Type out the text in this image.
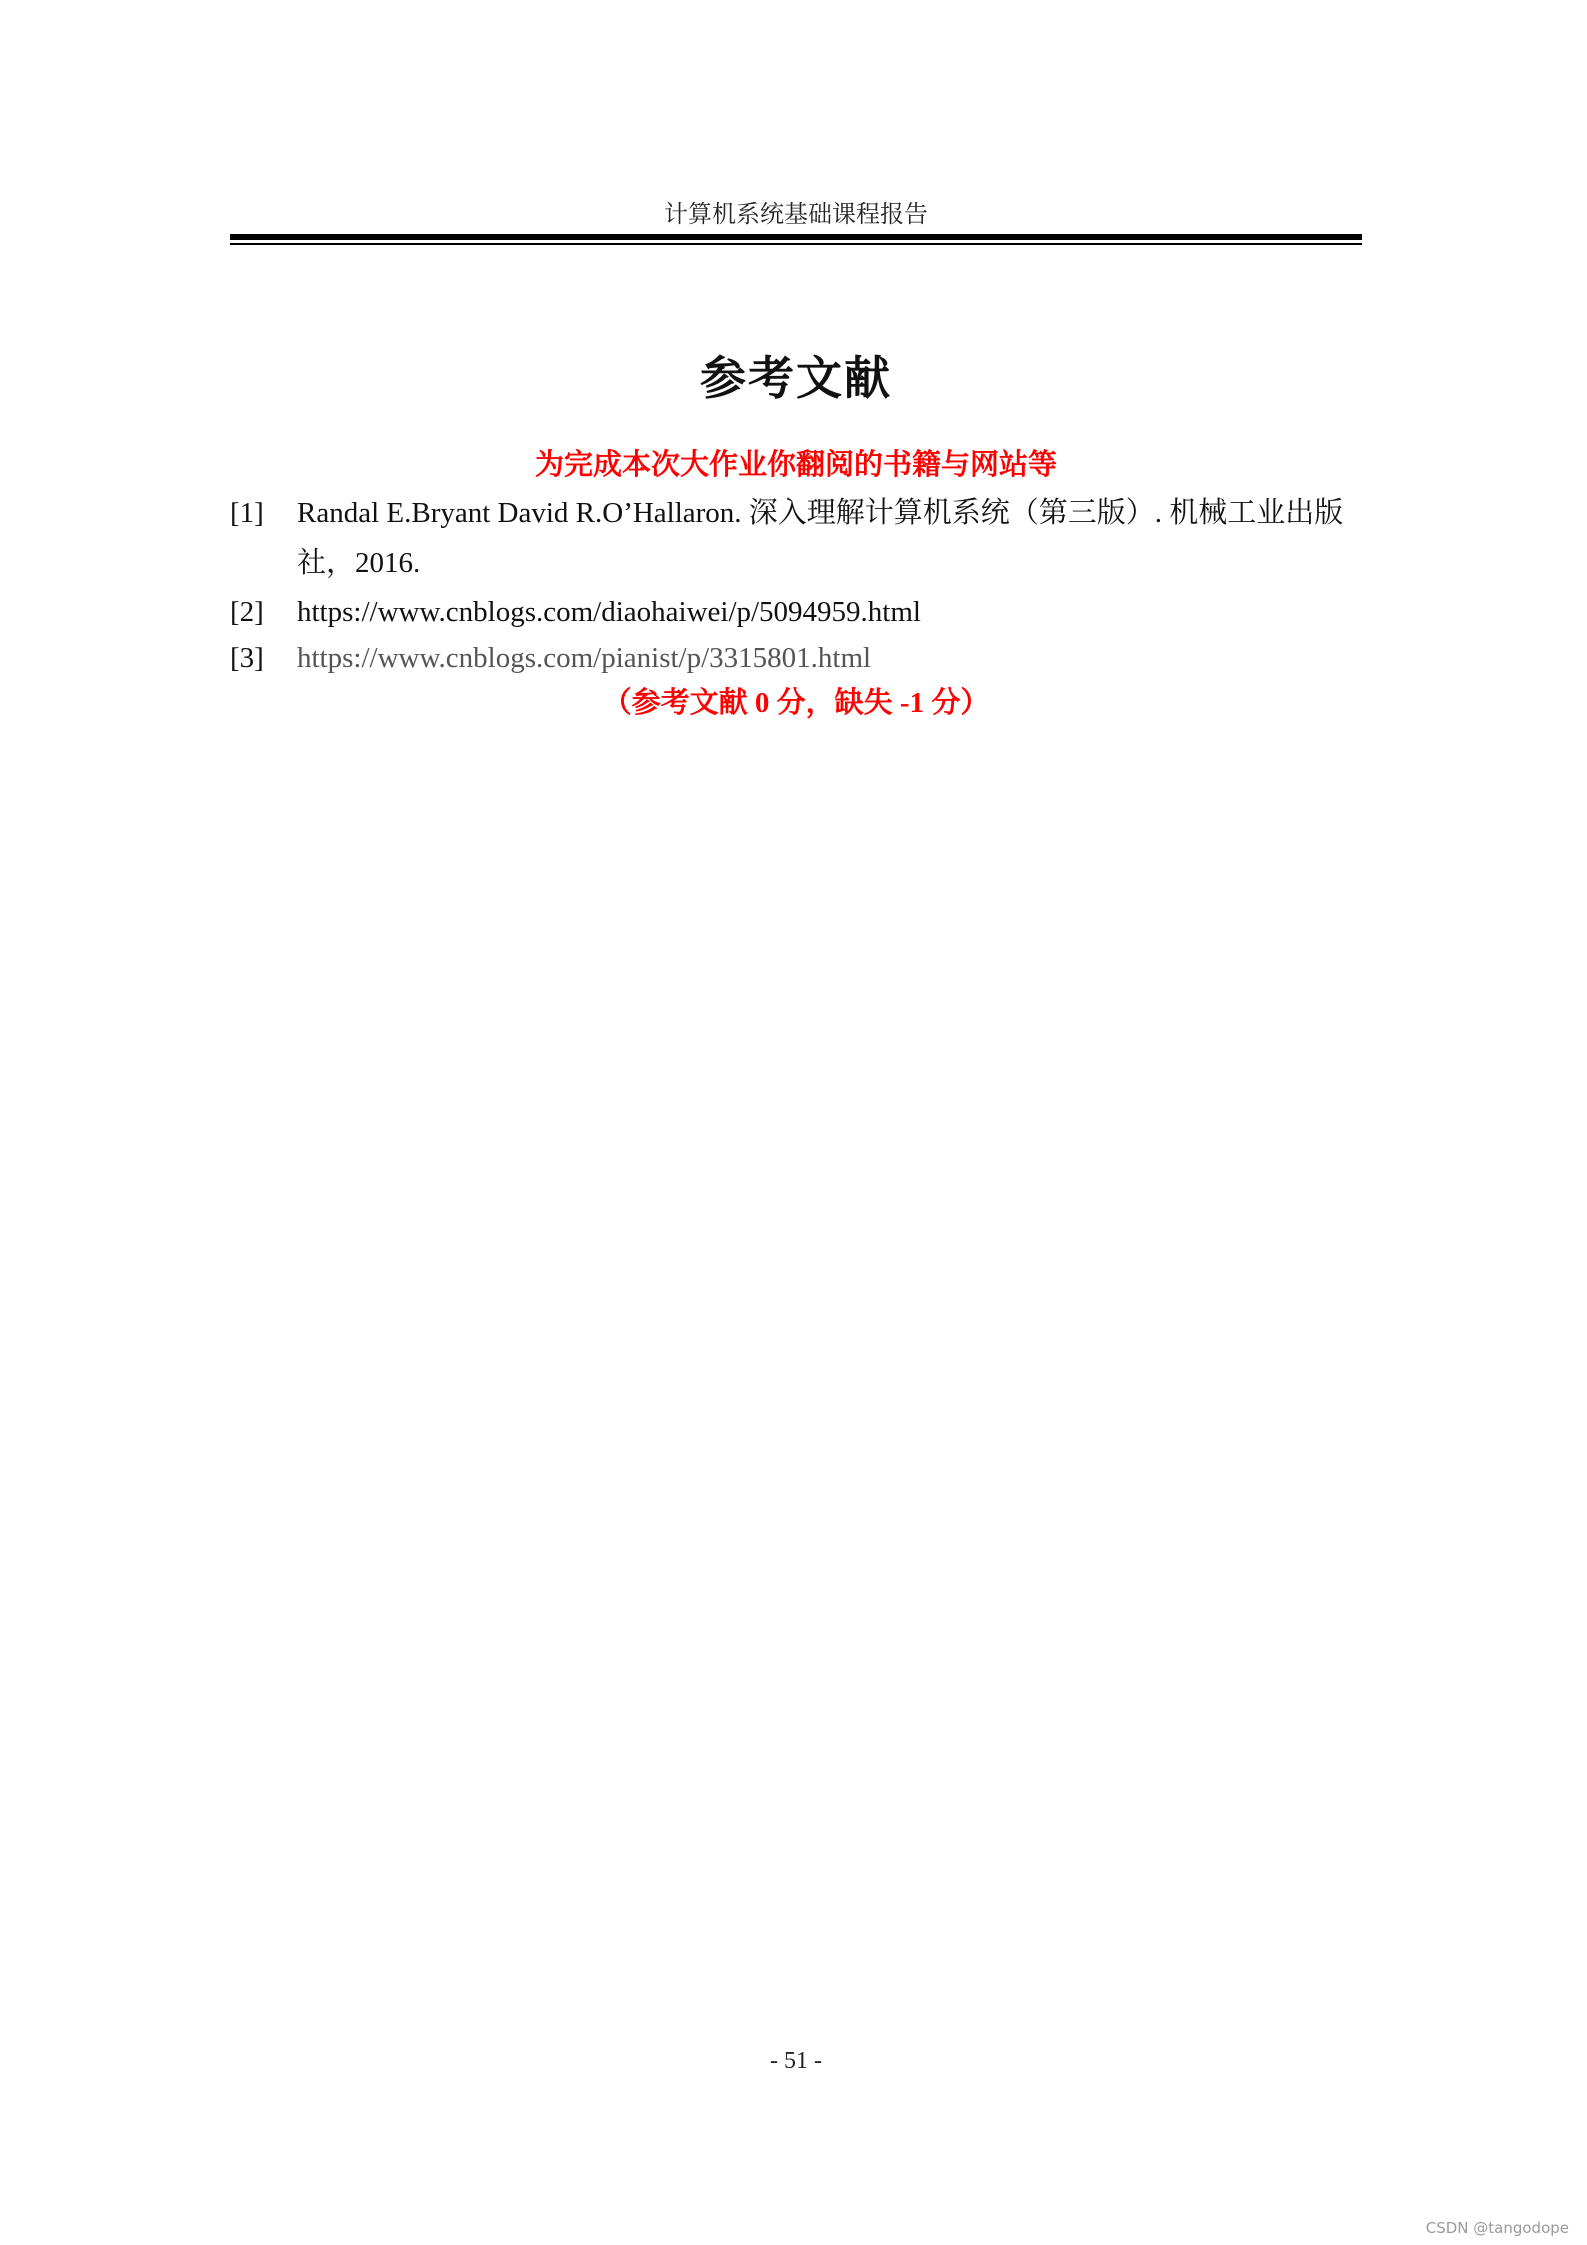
计算机系统基础课程报告
参考文献
为完成本次大作业你翻阅的书籍与网站等
[1]	Randal E.Bryant David R.O’Hallaron. 深入理解计算机系统（第三版）. 机械工业出版社，2016.
[2]	https://www.cnblogs.com/diaohaiwei/p/5094959.html
[3]	https://www.cnblogs.com/pianist/p/3315801.html
（参考文献 0 分，缺失 -1 分）
- 51 -
CSDN @tangodope
